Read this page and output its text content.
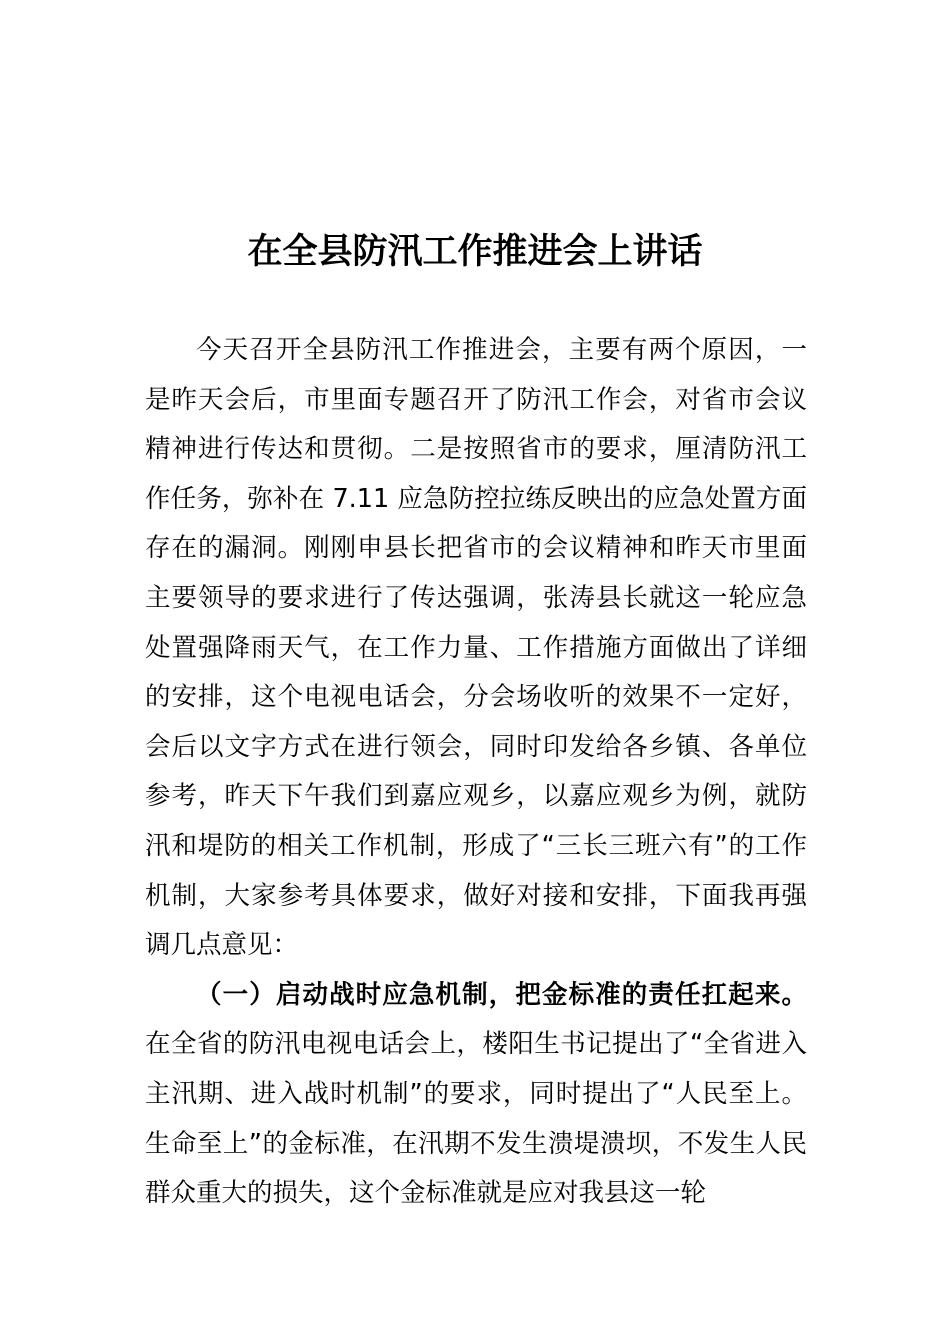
在全县防汛工作推进会上讲话

今天召开全县防汛工作推进会，主要有两个原因，一是昨天会后，市里面专题召开了防汛工作会，对省市会议精神进行传达和贯彻。二是按照省市的要求，厘清防汛工作任务，弥补在 7.11 应急防控拉练反映出的应急处置方面存在的漏洞。刚刚申县长把省市的会议精神和昨天市里面主要领导的要求进行了传达强调，张涛县长就这一轮应急处置强降雨天气，在工作力量、工作措施方面做出了详细的安排，这个电视电话会，分会场收听的效果不一定好，会后以文字方式在进行领会，同时印发给各乡镇、各单位参考，昨天下午我们到嘉应观乡，以嘉应观乡为例，就防汛和堤防的相关工作机制，形成了“三长三班六有”的工作机制，大家参考具体要求，做好对接和安排，下面我再强调几点意见：

（一）启动战时应急机制，把金标准的责任扛起来。在全省的防汛电视电话会上，楼阳生书记提出了“全省进入主汛期、进入战时机制”的要求，同时提出了“人民至上。生命至上”的金标准，在汛期不发生溃堤溃坝，不发生人民群众重大的损失，这个金标准就是应对我县这一轮
